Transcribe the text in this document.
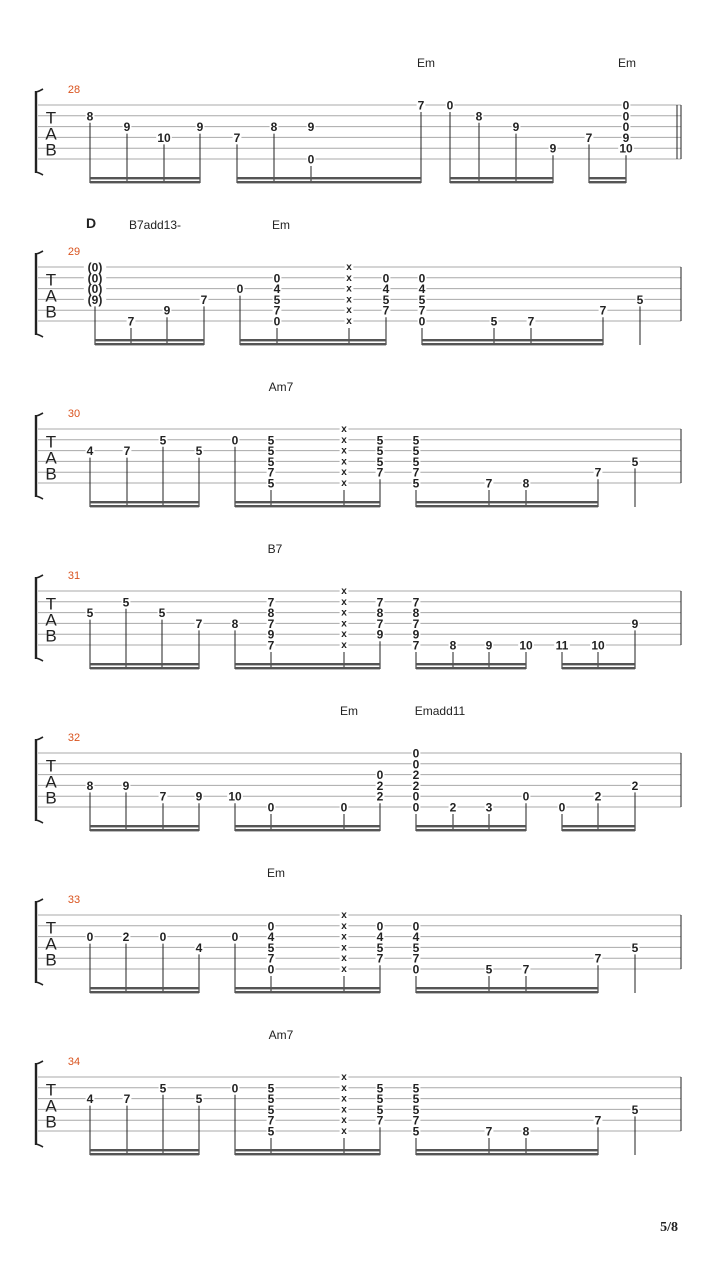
T
A
B
28
Em	Em
8
9
10
9
7
8	9
0
7 0
8
9
9
7
0
0
0
9
10
T
A
B
29
D	B7add13-	Em
(0)
(0)
(0)
(9)
7
9
7
0
0
4
5
7
0
x
x
x
x
x
x
0
4
5
7
0
4
5
7
0	5	7
7
5
T
A
B
30
Am7
4	7
5
5
0 5
5
5
7
5
x
x
x
x
x
x
5
5
5
7
5
5
5
7
5	7	8
7
5
T
A
B
31
B7
5
5
5
7 8
7
8
7
9
7
x
x
x
x
x
x
7
8
7
9
7
8
7
9
7	8 9 10 11 10
9
T
A
B
32
Em	Emadd11
8 9
7 9 10
0	0
0
2
2
0
0
2
2
0
0	2 3
0
0
2
2
T
A
B
33
Em
0 2	0
4
0
0
4
5
7
0
x
x
x
x
x
x
0
4
5
7
0
4
5
7
0	5	7
7
5
T
A
B
34
Am7
4	7
5
5
0 5
5
5
7
5
x
x
x
x
x
x
5
5
5
7
5
5
5
7
5	7	8
7
5
5/8
